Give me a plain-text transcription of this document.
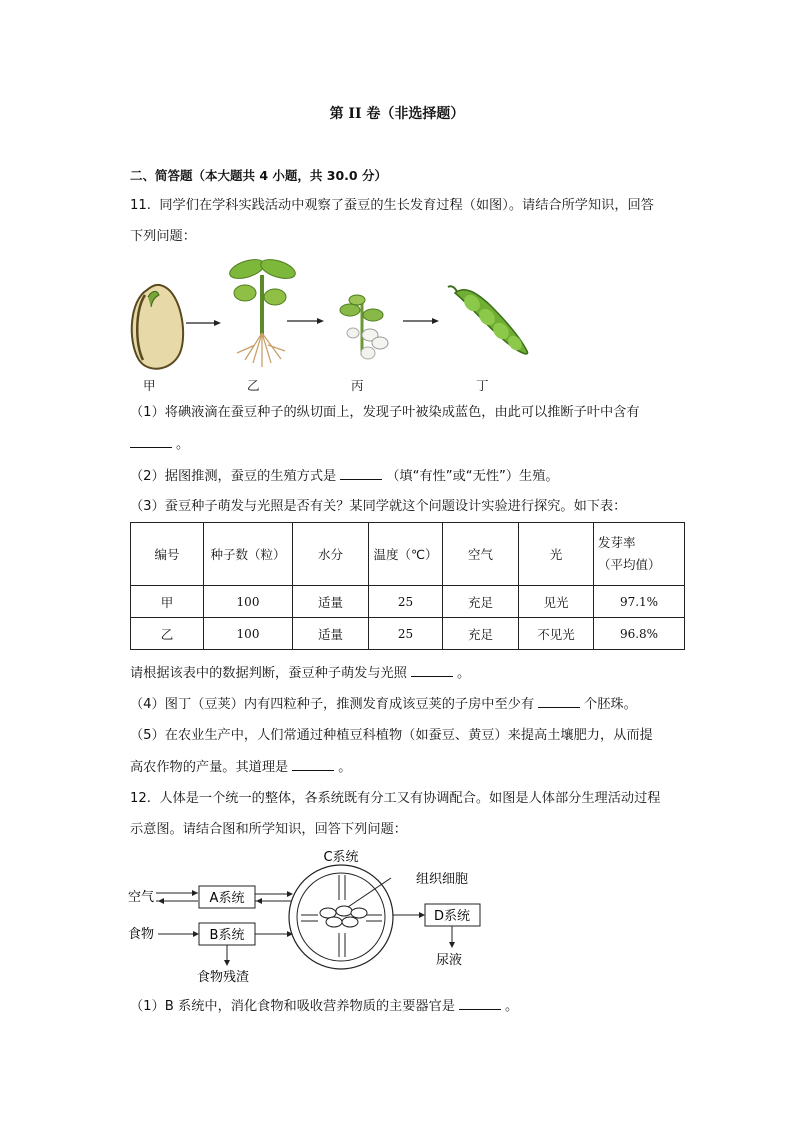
第 II 卷（非选择题）
二、简答题（本大题共 4 小题，共 30.0 分）
11. 同学们在学科实践活动中观察了蚕豆的生长发育过程（如图）。请结合所学知识，回答
下列问题：
甲	乙	丙	丁
（1）将碘液滴在蚕豆种子的纵切面上，发现子叶被染成蓝色，由此可以推断子叶中含有
。
（2）据图推测，蚕豆的生殖方式是	（填“有性”或“无性”）生殖。
（3）蚕豆种子萌发与光照是否有关？某同学就这个问题设计实验进行探究。如下表：
编号	种子数（粒）	水分	温度（℃）	空气	光	发芽率
（平均值）

甲	100	适量	25	充足	见光	97.1%
乙	100	适量	25	充足	不见光	96.8%
请根据该表中的数据判断，蚕豆种子萌发与光照	。
（4）图丁（豆荚）内有四粒种子，推测发育成该豆荚的子房中至少有	个胚珠。
（5）在农业生产中，人们常通过种植豆科植物（如蚕豆、黄豆）来提高土壤肥力，从而提
高农作物的产量。其道理是	。
12. 人体是一个统一的整体，各系统既有分工又有协调配合。如图是人体部分生理活动过程
示意图。请结合图和所学知识，回答下列问题：
C系统
组织细胞
空气
食物
A系统
B系统
食物残渣
D系统
尿液
（1）B 系统中，消化食物和吸收营养物质的主要器官是	。
